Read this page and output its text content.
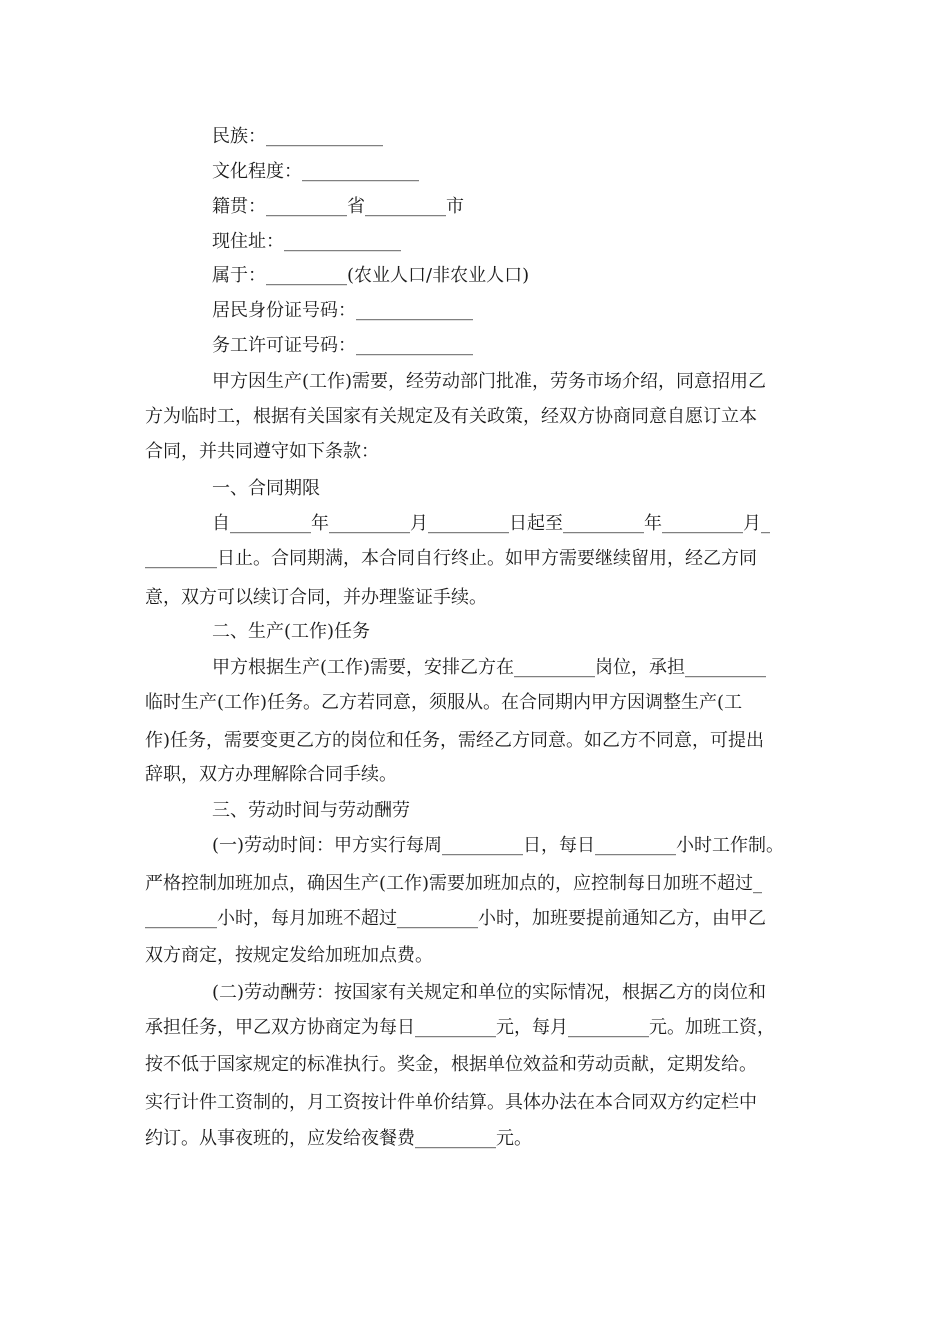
民族：_____________

文化程度：_____________

籍贯：_________省_________市

现住址：_____________

属于：_________(农业人口/非农业人口)

居民身份证号码：_____________

务工许可证号码：_____________

甲方因生产(工作)需要，经劳动部门批准，劳务市场介绍，同意招用乙

方为临时工，根据有关国家有关规定及有关政策，经双方协商同意自愿订立本

合同，并共同遵守如下条款：

一、合同期限

自_________年_________月_________日起至_________年_________月_

________日止。合同期满，本合同自行终止。如甲方需要继续留用，经乙方同

意，双方可以续订合同，并办理鉴证手续。

二、生产(工作)任务

甲方根据生产(工作)需要，安排乙方在_________岗位，承担_________

临时生产(工作)任务。乙方若同意，须服从。在合同期内甲方因调整生产(工

作)任务，需要变更乙方的岗位和任务，需经乙方同意。如乙方不同意，可提出

辞职，双方办理解除合同手续。

三、劳动时间与劳动酬劳

(一)劳动时间：甲方实行每周_________日，每日_________小时工作制。

严格控制加班加点，确因生产(工作)需要加班加点的，应控制每日加班不超过_

________小时，每月加班不超过_________小时，加班要提前通知乙方，由甲乙

双方商定，按规定发给加班加点费。

(二)劳动酬劳：按国家有关规定和单位的实际情况，根据乙方的岗位和

承担任务，甲乙双方协商定为每日_________元，每月_________元。加班工资，

按不低于国家规定的标准执行。奖金，根据单位效益和劳动贡献，定期发给。

实行计件工资制的，月工资按计件单价结算。具体办法在本合同双方约定栏中

约订。从事夜班的，应发给夜餐费_________元。
